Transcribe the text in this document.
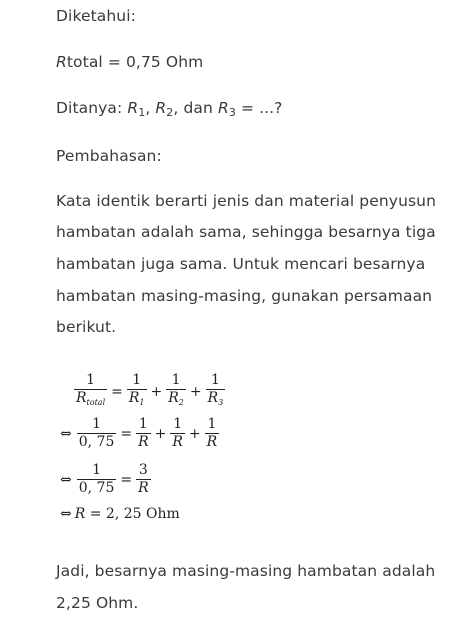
Diketahui:
Rtotal = 0,75 Ohm
Ditanya: $R_1$, $R_2$, dan $R_3$ = ...?
Pembahasan:
Kata identik berarti jenis dan material penyusun
hambatan adalah sama, sehingga besarnya tiga
hambatan juga sama. Untuk mencari besarnya
hambatan masing-masing, gunakan persamaan
berikut.
$\frac{1}{R_{total}} = \frac{1}{R_1} + \frac{1}{R_2} + \frac{1}{R_3}$
⇔ $\frac{1}{0, 75} = \frac{1}{R} + \frac{1}{R} + \frac{1}{R}$
⇔ $\frac{1}{0, 75} = \frac{3}{R}$
⇔ R = 2, 25 Ohm
Jadi, besarnya masing-masing hambatan adalah
2,25 Ohm.
